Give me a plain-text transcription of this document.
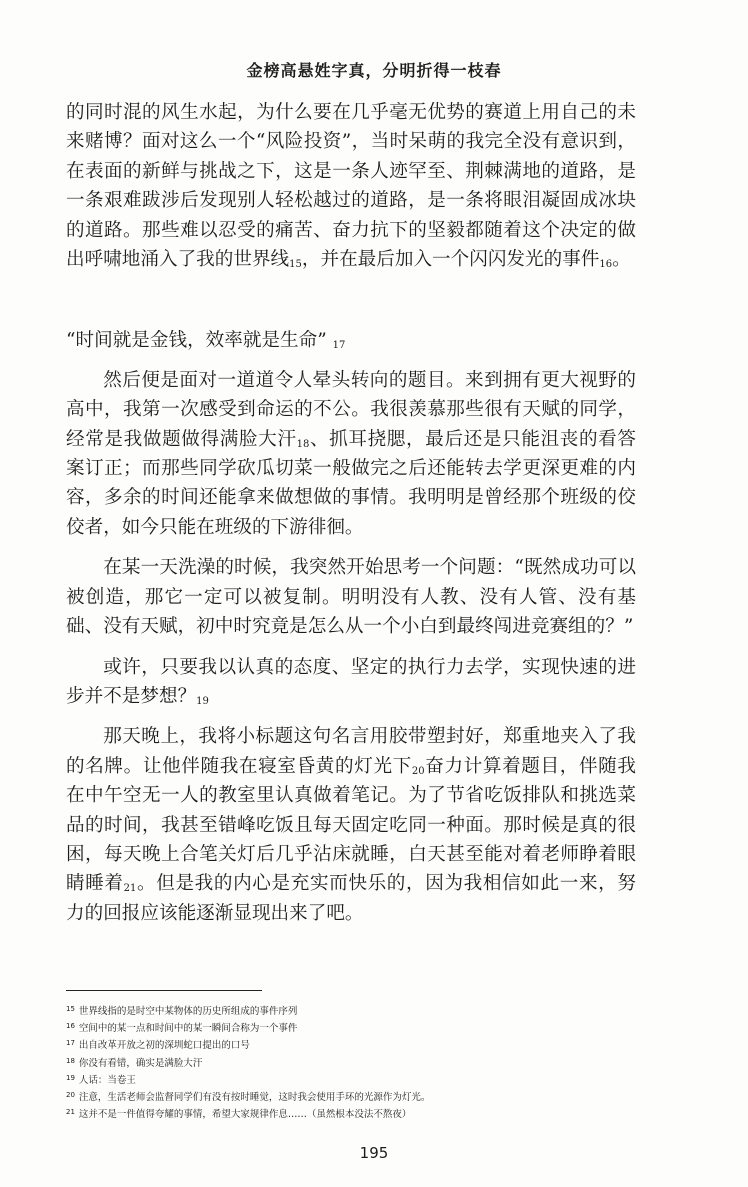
金榜高悬姓字真，分明折得一枝春

的同时混的风生水起，为什么要在几乎毫无优势的赛道上用自己的未来赌博？面对这么一个“风险投资”，当时呆萌的我完全没有意识到，在表面的新鲜与挑战之下，这是一条人迹罕至、荆棘满地的道路，是一条艰难跋涉后发现别人轻松越过的道路，是一条将眼泪凝固成冰块的道路。那些难以忍受的痛苦、奋力抗下的坚毅都随着这个决定的做出呼啸地涌入了我的世界线$_{15}$，并在最后加入一个闪闪发光的事件$_{16}$。

“时间就是金钱，效率就是生命” $_{17}$

然后便是面对一道道令人晕头转向的题目。来到拥有更大视野的高中，我第一次感受到命运的不公。我很羡慕那些很有天赋的同学，经常是我做题做得满脸大汗$_{18}$、抓耳挠腮，最后还是只能沮丧的看答案订正；而那些同学砍瓜切菜一般做完之后还能转去学更深更难的内容，多余的时间还能拿来做想做的事情。我明明是曾经那个班级的佼佼者，如今只能在班级的下游徘徊。

在某一天洗澡的时候，我突然开始思考一个问题：“既然成功可以被创造，那它一定可以被复制。明明没有人教、没有人管、没有基础、没有天赋，初中时究竟是怎么从一个小白到最终闯进竞赛组的？”

或许，只要我以认真的态度、坚定的执行力去学，实现快速的进步并不是梦想？$_{19}$

那天晚上，我将小标题这句名言用胶带塑封好，郑重地夹入了我的名牌。让他伴随我在寝室昏黄的灯光下$_{20}$奋力计算着题目，伴随我在中午空无一人的教室里认真做着笔记。为了节省吃饭排队和挑选菜品的时间，我甚至错峰吃饭且每天固定吃同一种面。那时候是真的很困，每天晚上合笔关灯后几乎沾床就睡，白天甚至能对着老师睁着眼睛睡着$_{21}$。但是我的内心是充实而快乐的，因为我相信如此一来，努力的回报应该能逐渐显现出来了吧。

$^{15}$ 世界线指的是时空中某物体的历史所组成的事件序列
$^{16}$ 空间中的某一点和时间中的某一瞬间合称为一个事件
$^{17}$ 出自改革开放之初的深圳蛇口提出的口号
$^{18}$ 你没有看错，确实是满脸大汗
$^{19}$ 人话：当卷王
$^{20}$ 注意，生活老师会监督同学们有没有按时睡觉，这时我会使用手环的光源作为灯光。
$^{21}$ 这并不是一件值得夸耀的事情，希望大家规律作息……（虽然根本没法不熬夜）
195
